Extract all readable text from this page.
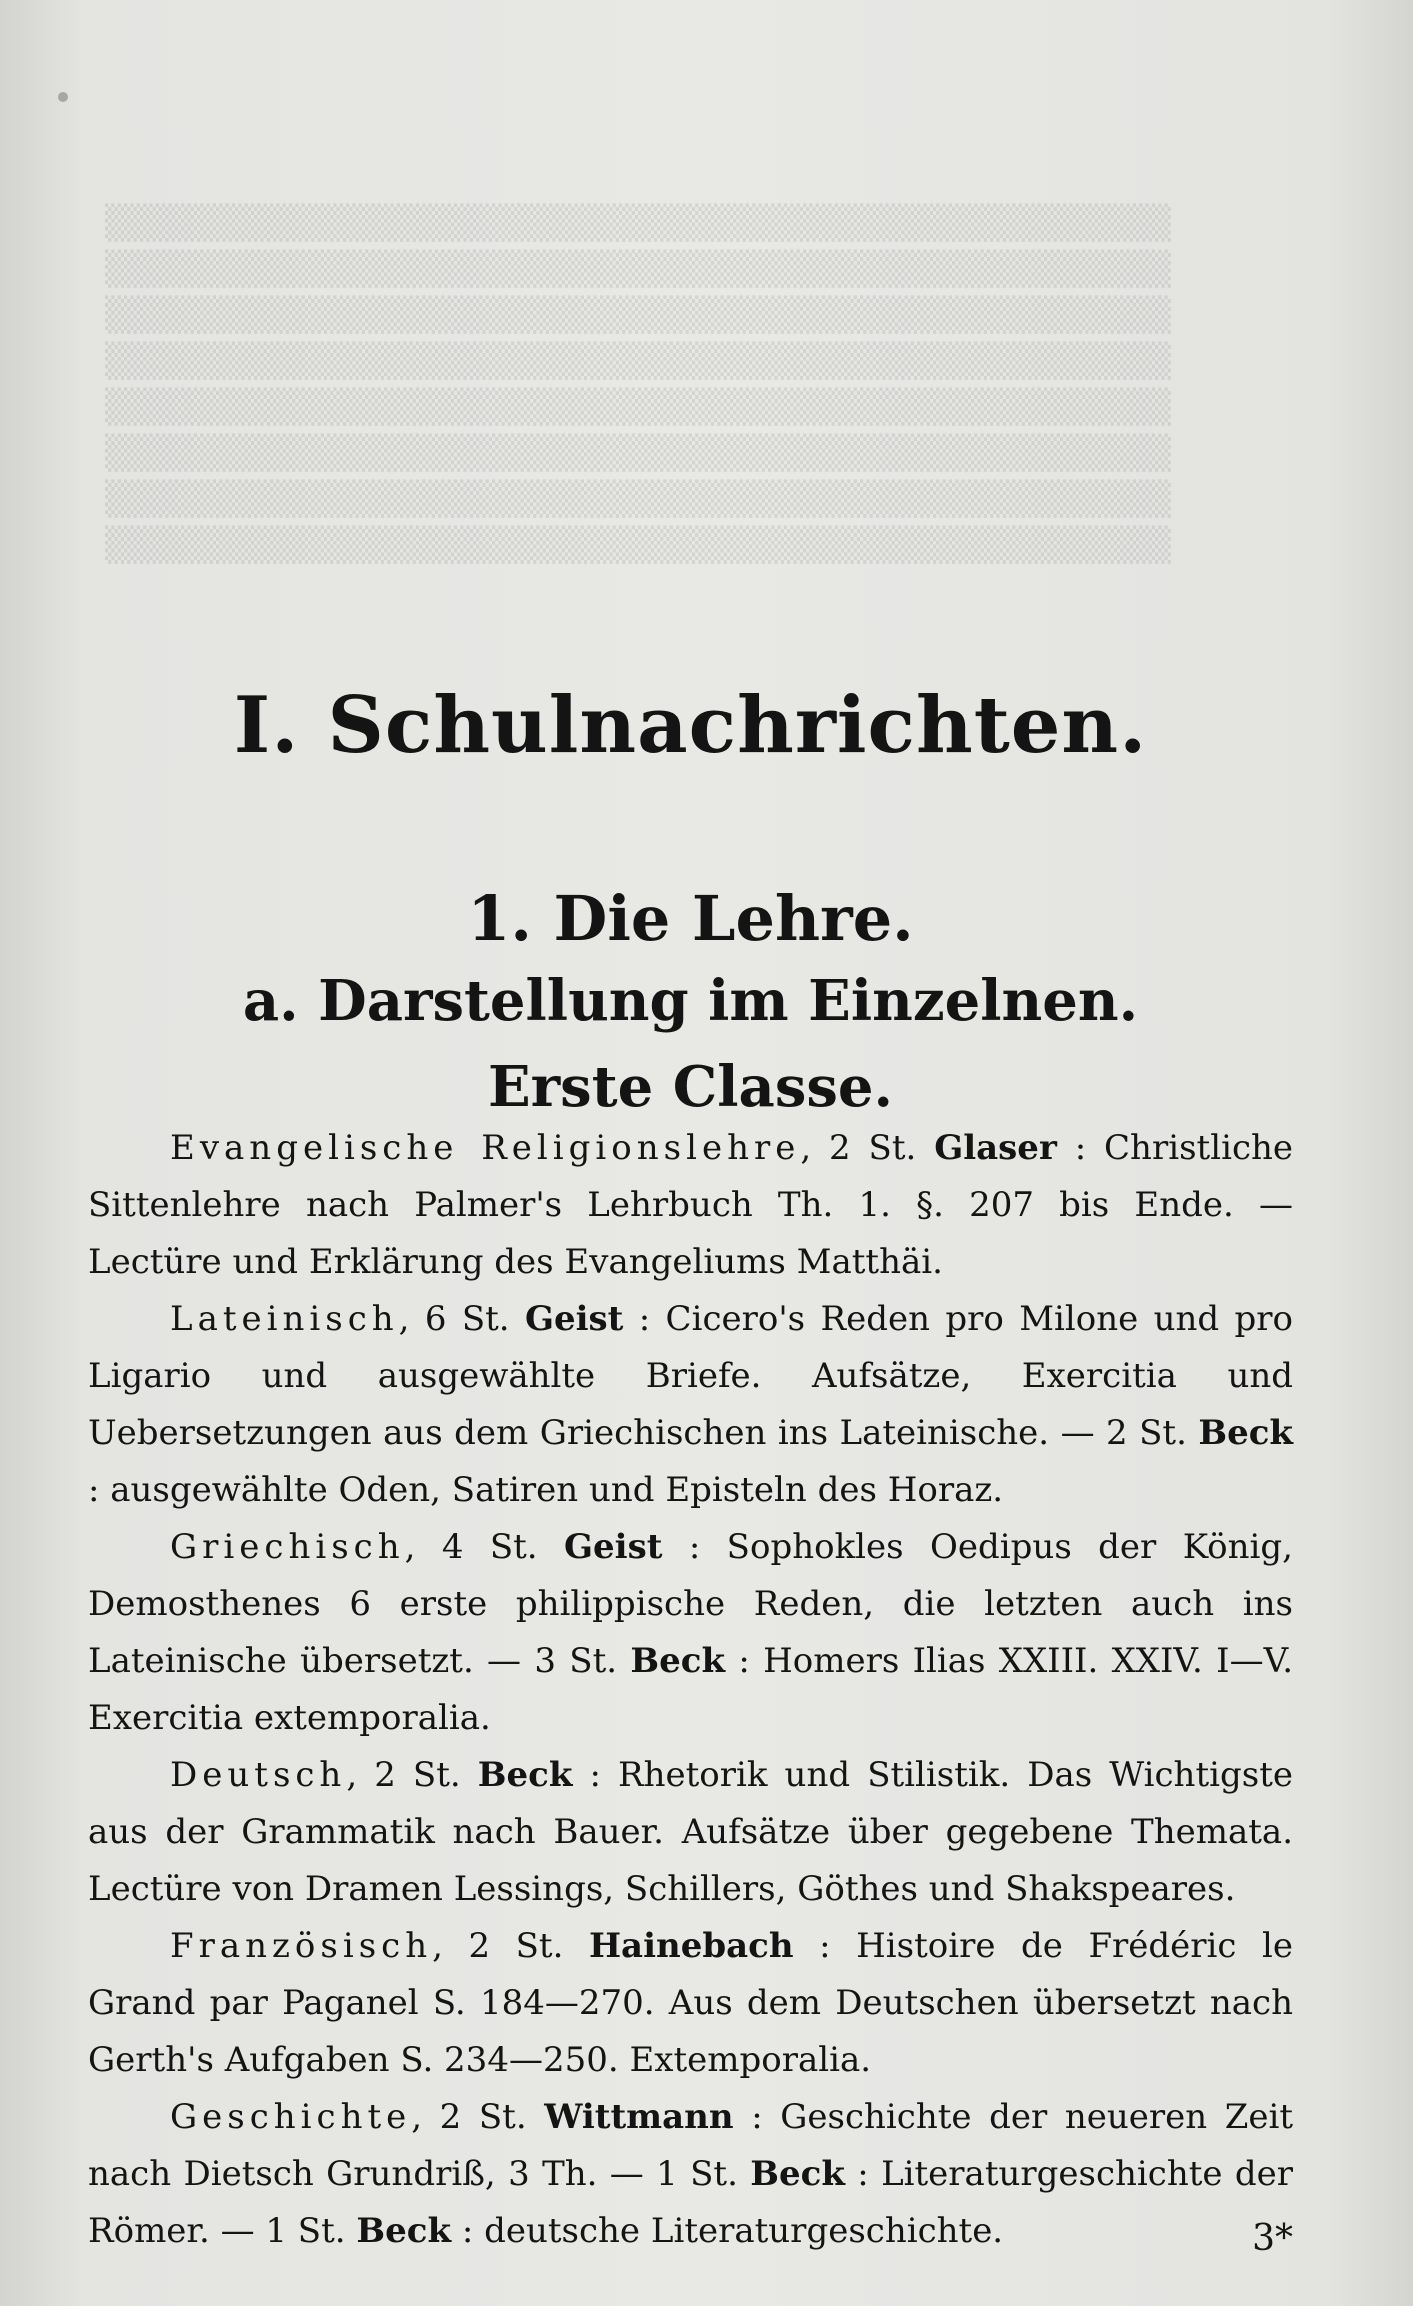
▒▒▒▒▒▒▒▒▒▒▒▒▒▒▒▒▒▒▒▒▒▒▒▒▒▒▒▒▒▒▒▒▒▒▒▒▒▒▒▒▒▒
▒▒▒▒▒▒▒▒▒▒▒▒▒▒▒▒▒▒▒▒▒▒▒▒▒▒▒▒▒▒▒▒▒▒▒▒▒▒▒▒▒▒
▒▒▒▒▒▒▒▒▒▒▒▒▒▒▒▒▒▒▒▒▒▒▒▒▒▒▒▒▒▒▒▒▒▒▒▒▒▒▒▒▒▒
▒▒▒▒▒▒▒▒▒▒▒▒▒▒▒▒▒▒▒▒▒▒▒▒▒▒▒▒▒▒▒▒▒▒▒▒▒▒▒▒▒▒
▒▒▒▒▒▒▒▒▒▒▒▒▒▒▒▒▒▒▒▒▒▒▒▒▒▒▒▒▒▒▒▒▒▒▒▒▒▒▒▒▒▒
▒▒▒▒▒▒▒▒▒▒▒▒▒▒▒▒▒▒▒▒▒▒▒▒▒▒▒▒▒▒▒▒▒▒▒▒▒▒▒▒▒▒
▒▒▒▒▒▒▒▒▒▒▒▒▒▒▒▒▒▒▒▒▒▒▒▒▒▒▒▒▒▒▒▒▒▒▒▒▒▒▒▒▒▒
▒▒▒▒▒▒▒▒▒▒▒▒▒▒▒▒▒▒▒▒▒▒▒▒▒▒▒▒▒▒▒▒▒▒▒▒▒▒▒▒▒▒
I. Schulnachrichten.
1. Die Lehre.
a. Darstellung im Einzelnen.
Erste Classe.

Evangelische Religionslehre, 2 St. Glaser : Christliche Sittenlehre nach Palmer's Lehrbuch Th. 1. §. 207 bis Ende. — Lectüre und Erklärung des Evangeliums Matthäi.

Lateinisch, 6 St. Geist : Cicero's Reden pro Milone und pro Ligario und ausgewählte Briefe. Aufsätze, Exercitia und Uebersetzungen aus dem Griechischen ins Lateinische. — 2 St. Beck : ausgewählte Oden, Satiren und Episteln des Horaz.

Griechisch, 4 St. Geist : Sophokles Oedipus der König, Demosthenes 6 erste philippische Reden, die letzten auch ins Lateinische übersetzt. — 3 St. Beck : Homers Ilias XXIII. XXIV. I—V. Exercitia extemporalia.

Deutsch, 2 St. Beck : Rhetorik und Stilistik. Das Wichtigste aus der Grammatik nach Bauer. Aufsätze über gegebene Themata. Lectüre von Dramen Lessings, Schillers, Göthes und Shakspeares.

Französisch, 2 St. Hainebach : Histoire de Frédéric le Grand par Paganel S. 184—270. Aus dem Deutschen übersetzt nach Gerth's Aufgaben S. 234—250. Extemporalia.

Geschichte, 2 St. Wittmann : Geschichte der neueren Zeit nach Dietsch Grundriß, 3 Th. — 1 St. Beck : Literaturgeschichte der Römer. — 1 St. Beck : deutsche Literaturgeschichte.	3*
